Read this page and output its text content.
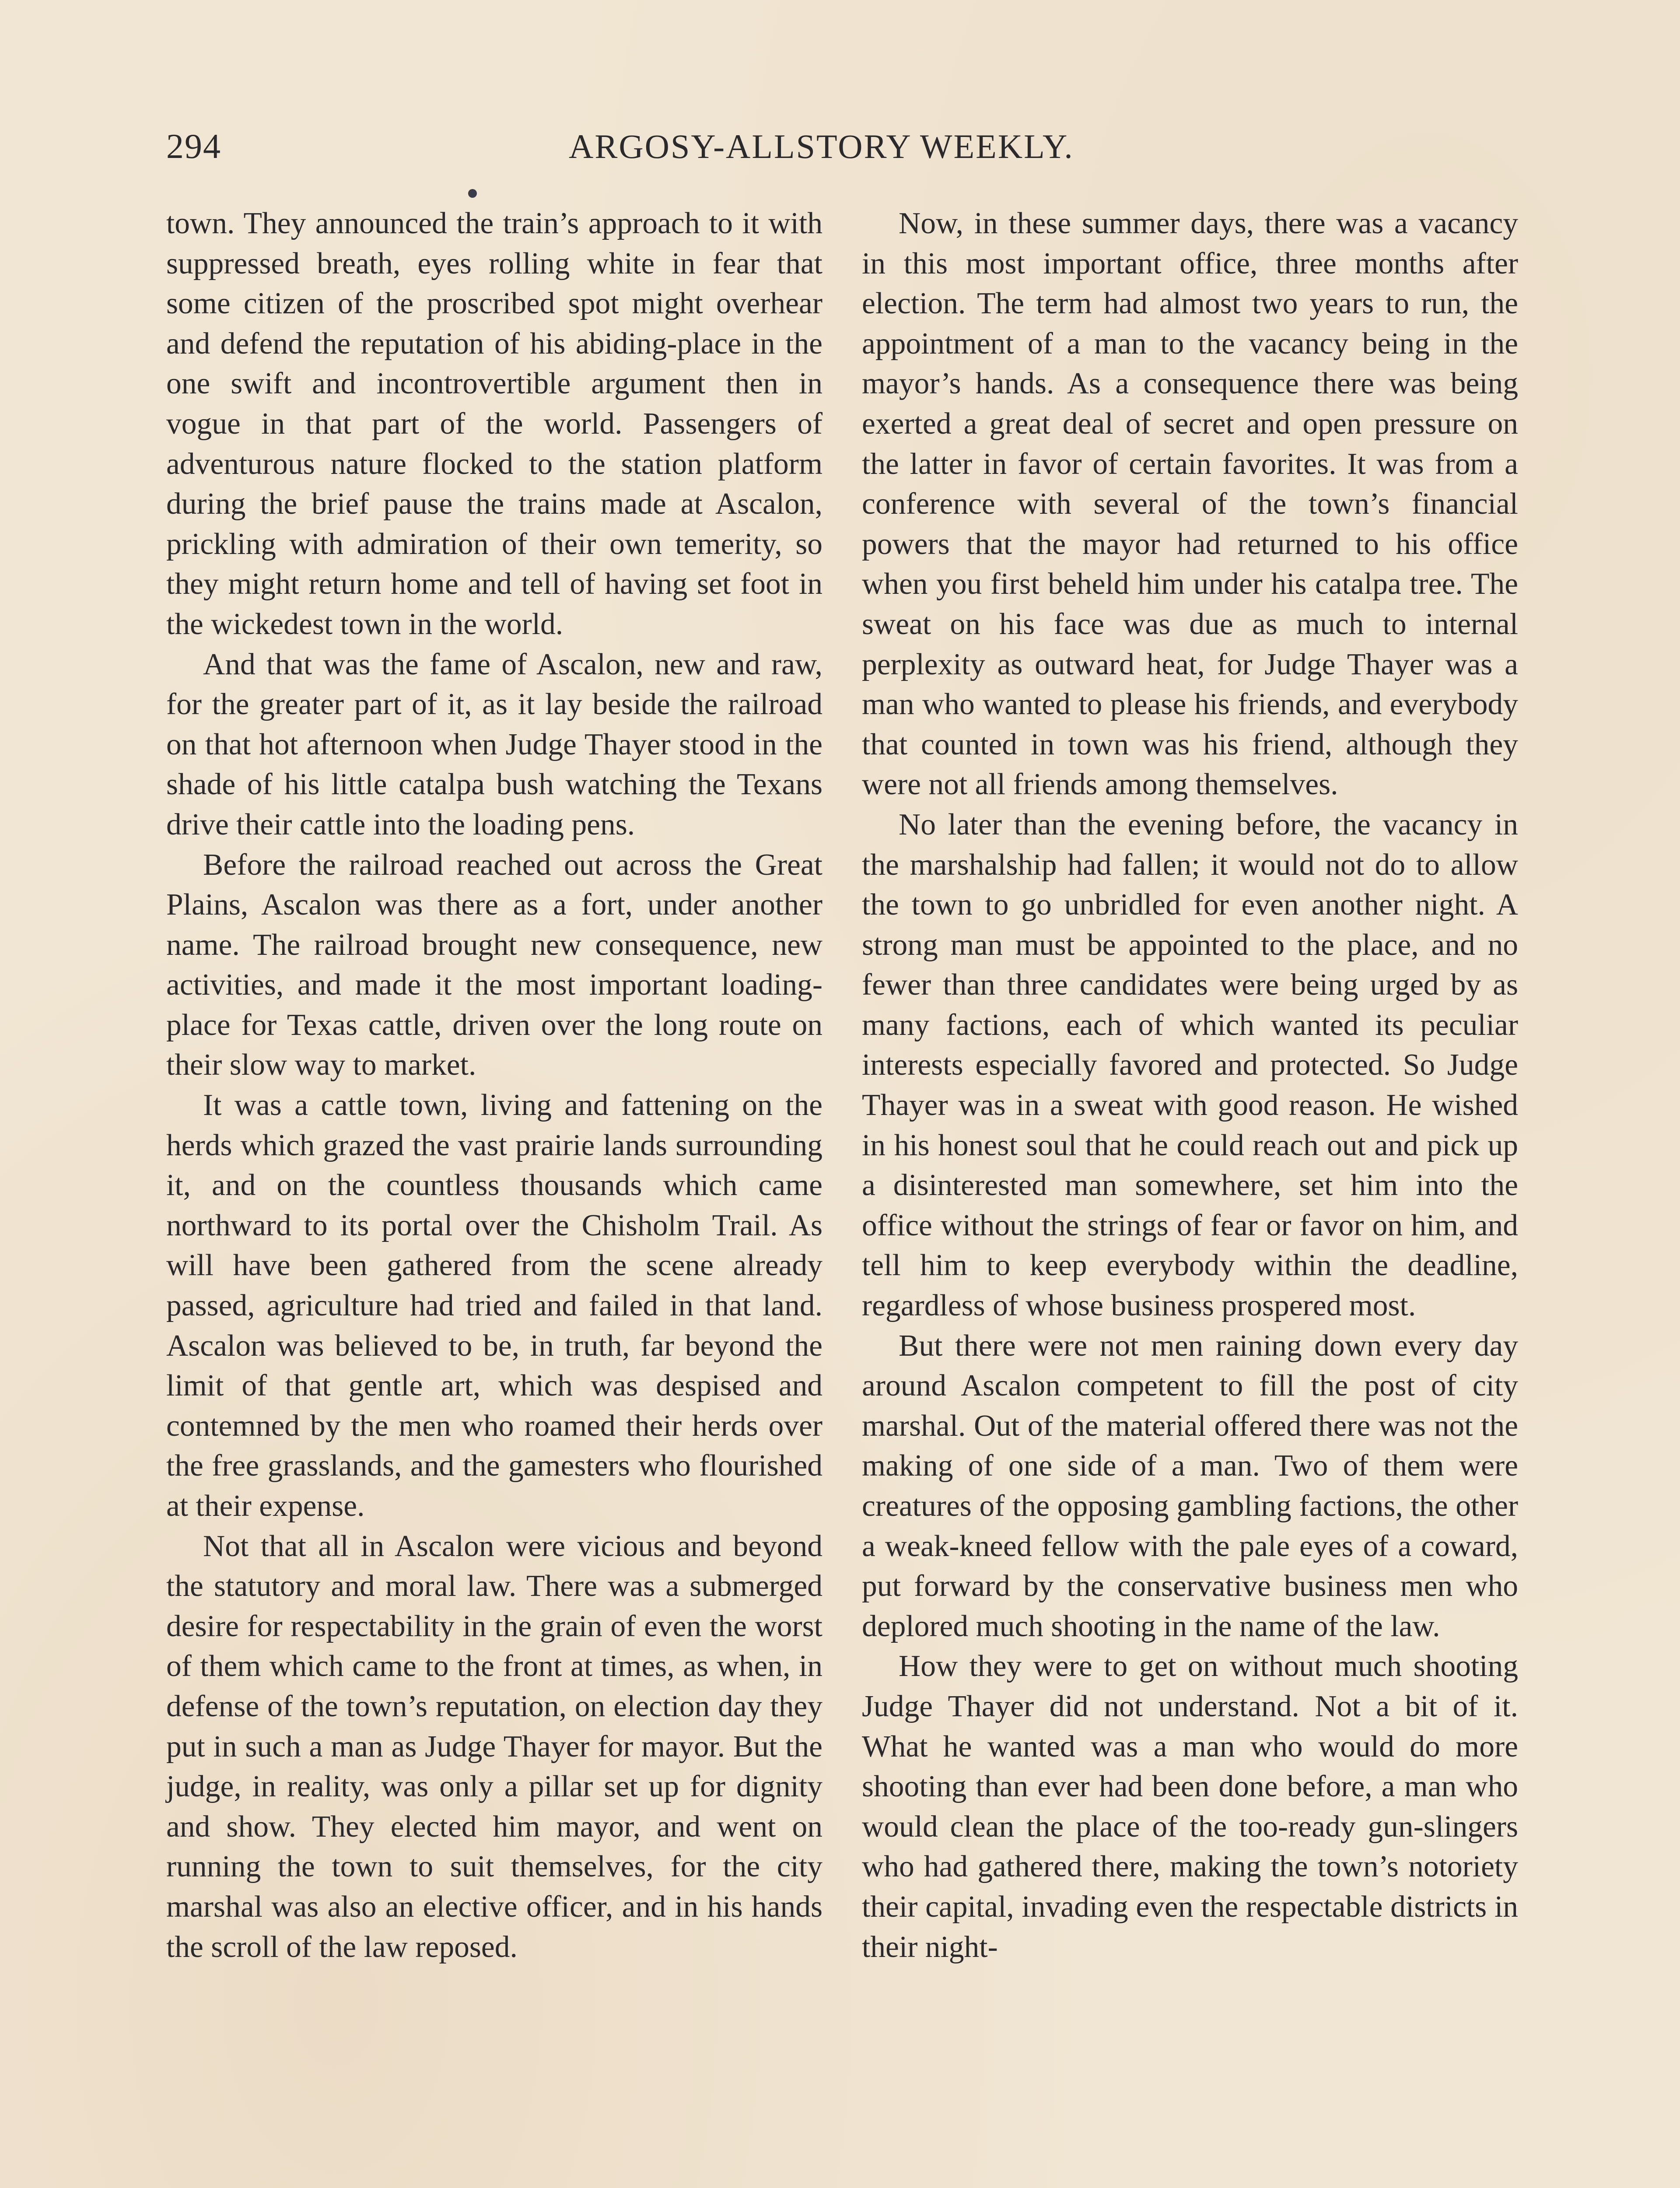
294	ARGOSY-ALLSTORY WEEKLY.

town. They announced the train’s approach to it with suppressed breath, eyes rolling white in fear that some citizen of the proscribed spot might overhear and defend the reputation of his abiding-place in the one swift and incontrovertible argument then in vogue in that part of the world. Passengers of adventurous nature flocked to the station platform during the brief pause the trains made at Ascalon, prickling with admiration of their own temerity, so they might return home and tell of having set foot in the wickedest town in the world.

And that was the fame of Ascalon, new and raw, for the greater part of it, as it lay beside the railroad on that hot afternoon when Judge Thayer stood in the shade of his little catalpa bush watching the Texans drive their cattle into the loading pens.

Before the railroad reached out across the Great Plains, Ascalon was there as a fort, under another name. The railroad brought new consequence, new activities, and made it the most important loading-place for Texas cattle, driven over the long route on their slow way to market.

It was a cattle town, living and fattening on the herds which grazed the vast prairie lands surrounding it, and on the countless thousands which came northward to its portal over the Chisholm Trail. As will have been gathered from the scene already passed, agriculture had tried and failed in that land. Ascalon was believed to be, in truth, far beyond the limit of that gentle art, which was despised and contemned by the men who roamed their herds over the free grasslands, and the gamesters who flourished at their expense.

Not that all in Ascalon were vicious and beyond the statutory and moral law. There was a submerged desire for respectability in the grain of even the worst of them which came to the front at times, as when, in defense of the town’s reputation, on election day they put in such a man as Judge Thayer for mayor. But the judge, in reality, was only a pillar set up for dignity and show. They elected him mayor, and went on running the town to suit themselves, for the city marshal was also an elective officer, and in his hands the scroll of the law reposed.

Now, in these summer days, there was a vacancy in this most important office, three months after election. The term had almost two years to run, the appointment of a man to the vacancy being in the mayor’s hands. As a consequence there was being exerted a great deal of secret and open pressure on the latter in favor of certain favorites. It was from a conference with several of the town’s financial powers that the mayor had returned to his office when you first beheld him under his catalpa tree. The sweat on his face was due as much to internal perplexity as outward heat, for Judge Thayer was a man who wanted to please his friends, and everybody that counted in town was his friend, although they were not all friends among themselves.

No later than the evening before, the vacancy in the marshalship had fallen; it would not do to allow the town to go unbridled for even another night. A strong man must be appointed to the place, and no fewer than three candidates were being urged by as many factions, each of which wanted its peculiar interests especially favored and protected. So Judge Thayer was in a sweat with good reason. He wished in his honest soul that he could reach out and pick up a disinterested man somewhere, set him into the office without the strings of fear or favor on him, and tell him to keep everybody within the deadline, regardless of whose business prospered most.

But there were not men raining down every day around Ascalon competent to fill the post of city marshal. Out of the material offered there was not the making of one side of a man. Two of them were creatures of the opposing gambling factions, the other a weak-kneed fellow with the pale eyes of a coward, put forward by the conservative business men who deplored much shooting in the name of the law.

How they were to get on without much shooting Judge Thayer did not understand. Not a bit of it. What he wanted was a man who would do more shooting than ever had been done before, a man who would clean the place of the too-ready gun-slingers who had gathered there, making the town’s notoriety their capital, invading even the respectable districts in their night-
